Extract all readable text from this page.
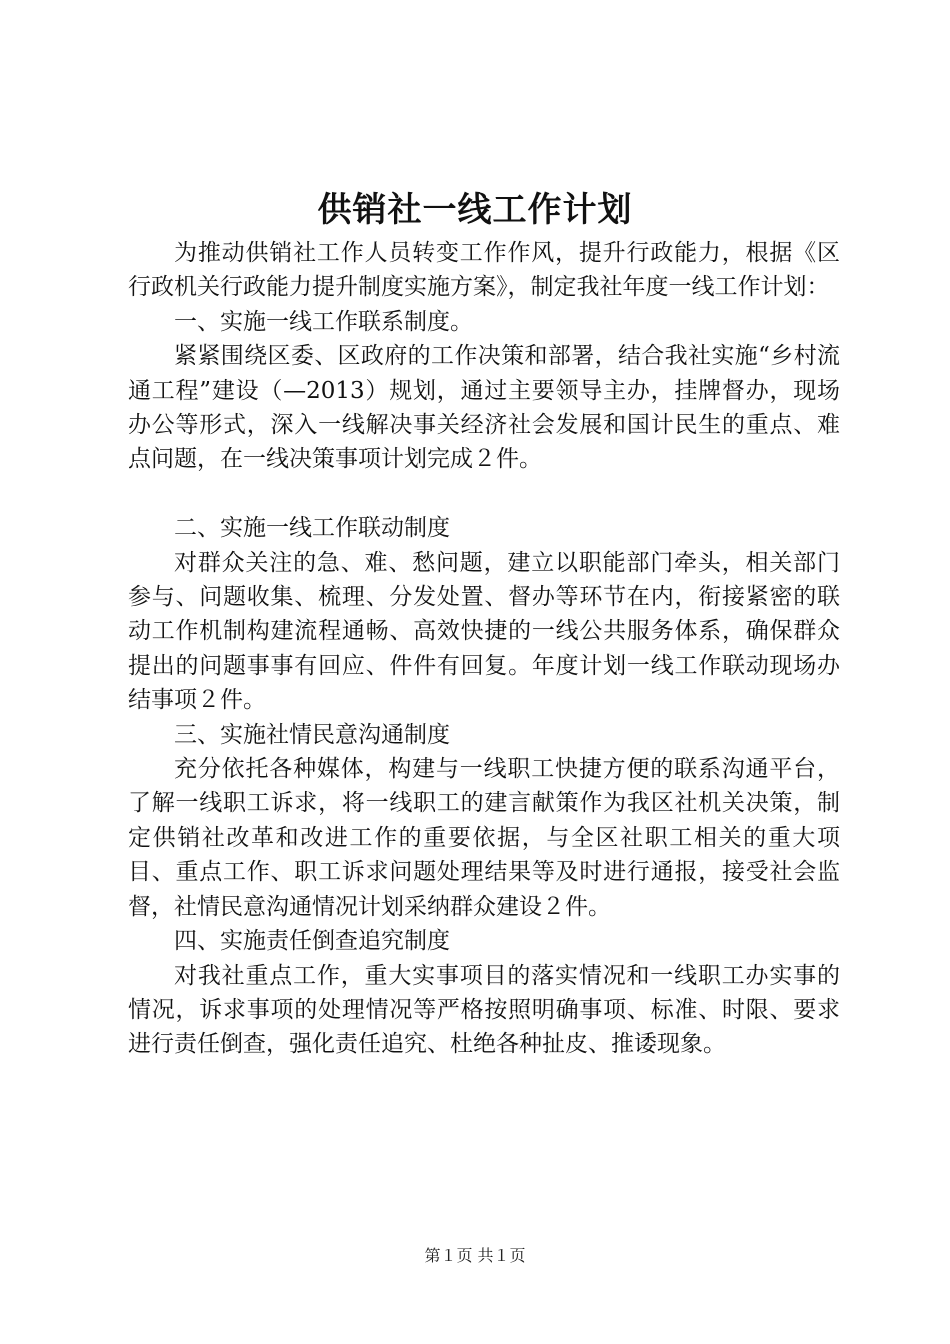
供销社一线工作计划

为推动供销社工作人员转变工作作风，提升行政能力，根据《区行政机关行政能力提升制度实施方案》，制定我社年度一线工作计划：

一、实施一线工作联系制度。

紧紧围绕区委、区政府的工作决策和部署，结合我社实施“乡村流通工程”建设（—2013）规划，通过主要领导主办，挂牌督办，现场办公等形式，深入一线解决事关经济社会发展和国计民生的重点、难点问题，在一线决策事项计划完成２件。

二、实施一线工作联动制度

对群众关注的急、难、愁问题，建立以职能部门牵头，相关部门参与、问题收集、梳理、分发处置、督办等环节在内，衔接紧密的联动工作机制构建流程通畅、高效快捷的一线公共服务体系，确保群众提出的问题事事有回应、件件有回复。年度计划一线工作联动现场办结事项２件。

三、实施社情民意沟通制度

充分依托各种媒体，构建与一线职工快捷方便的联系沟通平台，了解一线职工诉求，将一线职工的建言献策作为我区社机关决策，制定供销社改革和改进工作的重要依据，与全区社职工相关的重大项目、重点工作、职工诉求问题处理结果等及时进行通报，接受社会监督，社情民意沟通情况计划采纳群众建设２件。

四、实施责任倒查追究制度

对我社重点工作，重大实事项目的落实情况和一线职工办实事的情况，诉求事项的处理情况等严格按照明确事项、标准、时限、要求进行责任倒查，强化责任追究、杜绝各种扯皮、推诿现象。

第１页 共１页
